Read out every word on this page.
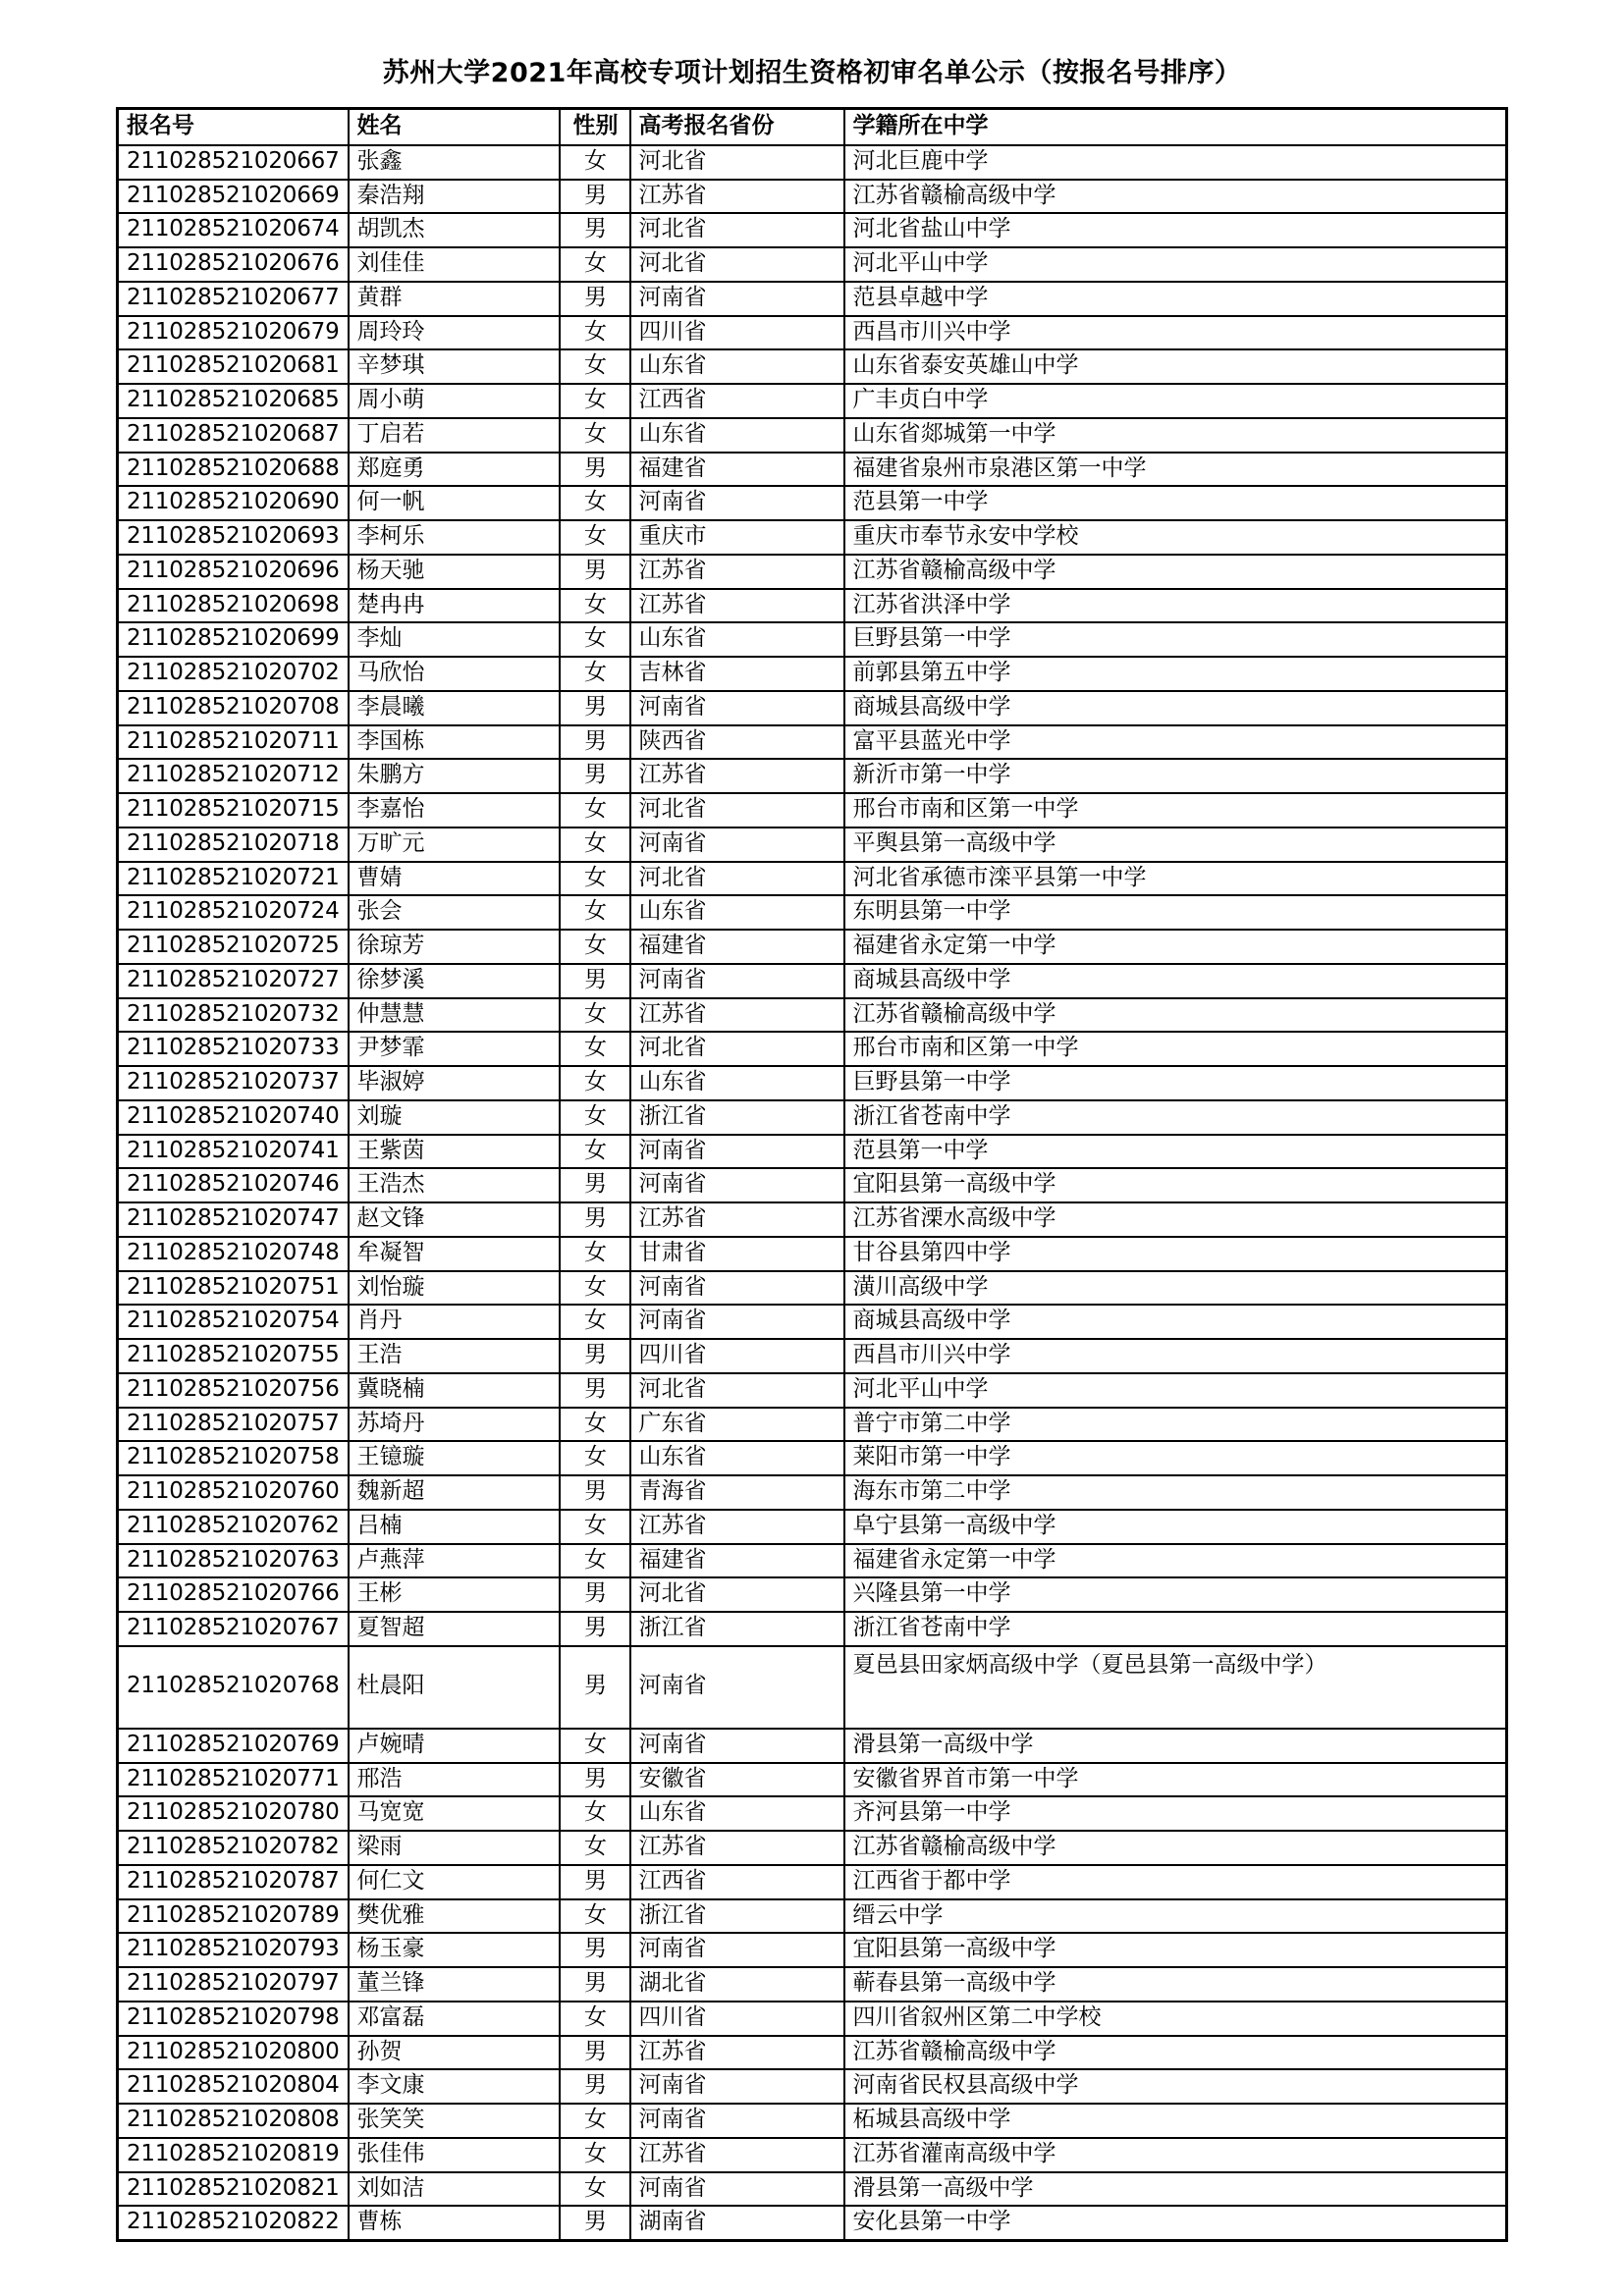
苏州大学2021年高校专项计划招生资格初审名单公示（按报名号排序）
报名号	姓名	性别	高考报名省份	学籍所在中学
211028521020667	张鑫	女	河北省	河北巨鹿中学
211028521020669	秦浩翔	男	江苏省	江苏省赣榆高级中学
211028521020674	胡凯杰	男	河北省	河北省盐山中学
211028521020676	刘佳佳	女	河北省	河北平山中学
211028521020677	黄群	男	河南省	范县卓越中学
211028521020679	周玲玲	女	四川省	西昌市川兴中学
211028521020681	辛梦琪	女	山东省	山东省泰安英雄山中学
211028521020685	周小萌	女	江西省	广丰贞白中学
211028521020687	丁启若	女	山东省	山东省郯城第一中学
211028521020688	郑庭勇	男	福建省	福建省泉州市泉港区第一中学
211028521020690	何一帆	女	河南省	范县第一中学
211028521020693	李柯乐	女	重庆市	重庆市奉节永安中学校
211028521020696	杨天驰	男	江苏省	江苏省赣榆高级中学
211028521020698	楚冉冉	女	江苏省	江苏省洪泽中学
211028521020699	李灿	女	山东省	巨野县第一中学
211028521020702	马欣怡	女	吉林省	前郭县第五中学
211028521020708	李晨曦	男	河南省	商城县高级中学
211028521020711	李国栋	男	陕西省	富平县蓝光中学
211028521020712	朱鹏方	男	江苏省	新沂市第一中学
211028521020715	李嘉怡	女	河北省	邢台市南和区第一中学
211028521020718	万旷元	女	河南省	平舆县第一高级中学
211028521020721	曹婧	女	河北省	河北省承德市滦平县第一中学
211028521020724	张会	女	山东省	东明县第一中学
211028521020725	徐琼芳	女	福建省	福建省永定第一中学
211028521020727	徐梦溪	男	河南省	商城县高级中学
211028521020732	仲慧慧	女	江苏省	江苏省赣榆高级中学
211028521020733	尹梦霏	女	河北省	邢台市南和区第一中学
211028521020737	毕淑婷	女	山东省	巨野县第一中学
211028521020740	刘璇	女	浙江省	浙江省苍南中学
211028521020741	王紫茵	女	河南省	范县第一中学
211028521020746	王浩杰	男	河南省	宜阳县第一高级中学
211028521020747	赵文锋	男	江苏省	江苏省溧水高级中学
211028521020748	牟凝智	女	甘肃省	甘谷县第四中学
211028521020751	刘怡璇	女	河南省	潢川高级中学
211028521020754	肖丹	女	河南省	商城县高级中学
211028521020755	王浩	男	四川省	西昌市川兴中学
211028521020756	冀晓楠	男	河北省	河北平山中学
211028521020757	苏埼丹	女	广东省	普宁市第二中学
211028521020758	王镱璇	女	山东省	莱阳市第一中学
211028521020760	魏新超	男	青海省	海东市第二中学
211028521020762	吕楠	女	江苏省	阜宁县第一高级中学
211028521020763	卢燕萍	女	福建省	福建省永定第一中学
211028521020766	王彬	男	河北省	兴隆县第一中学
211028521020767	夏智超	男	浙江省	浙江省苍南中学
211028521020768	杜晨阳	男	河南省	夏邑县田家炳高级中学（夏邑县第一高级中学）
211028521020769	卢婉晴	女	河南省	滑县第一高级中学
211028521020771	邢浩	男	安徽省	安徽省界首市第一中学
211028521020780	马宽宽	女	山东省	齐河县第一中学
211028521020782	梁雨	女	江苏省	江苏省赣榆高级中学
211028521020787	何仁文	男	江西省	江西省于都中学
211028521020789	樊优雅	女	浙江省	缙云中学
211028521020793	杨玉豪	男	河南省	宜阳县第一高级中学
211028521020797	董兰锋	男	湖北省	蕲春县第一高级中学
211028521020798	邓富磊	女	四川省	四川省叙州区第二中学校
211028521020800	孙贺	男	江苏省	江苏省赣榆高级中学
211028521020804	李文康	男	河南省	河南省民权县高级中学
211028521020808	张笑笑	女	河南省	柘城县高级中学
211028521020819	张佳伟	女	江苏省	江苏省灌南高级中学
211028521020821	刘如洁	女	河南省	滑县第一高级中学
211028521020822	曹栋	男	湖南省	安化县第一中学
